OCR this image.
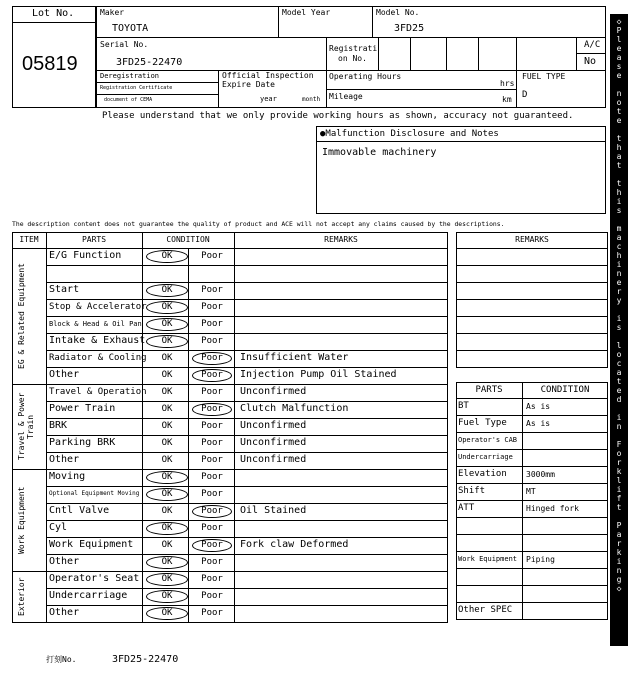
Lot No.
05819
Maker
TOYOTA
Model Year	Model No.
3FD25
Serial No.
3FD25-22470
Registrati
on No.
A/C
No
Deregistration
Registration Certificate
document of CEMA
Official Inspection
Expire Date
year	month
Operating Hours
hrs
Mileage	km
FUEL TYPE
D
Please understand that we only provide working hours as shown, accuracy not guaranteed.
●Malfunction Disclosure and Notes
Immovable machinery
The description content does not guarantee the quality of product and ACE will not accept any claims caused by the descriptions.
ITEM	PARTS	CONDITION	REMARKS
EG & Related Equipment
Travel & Power Train
Work Equipment
Exterior
E/G Function	OK	Poor
Start	OK	Poor
Stop & Accelerator	OK	Poor
Block & Head & Oil Pan	OK	Poor
Intake & Exhaust	OK	Poor
Radiator & Cooling	OK	Poor	Insufficient Water
Other	OK	Poor	Injection Pump Oil Stained
Travel & Operation	OK	Poor	Unconfirmed
Power Train	OK	Poor	Clutch Malfunction
BRK	OK	Poor	Unconfirmed
Parking BRK	OK	Poor	Unconfirmed
Other	OK	Poor	Unconfirmed
Moving	OK	Poor
Optional Equipment Moving	OK	Poor
Cntl Valve	OK	Poor	Oil Stained
Cyl	OK	Poor
Work Equipment	OK	Poor	Fork claw Deformed
Other	OK	Poor
Operator's Seat	OK	Poor
Undercarriage	OK	Poor
Other	OK	Poor
REMARKS
PARTS	CONDITION
BT	As is
Fuel Type As is
Operator's CAB
Undercarriage
Elevation 3000mm
Shift	MT
ATT	Hinged fork
Work Equipment Piping
Other SPEC
打刻No.	3FD25-22470
◇
P
l
e
a
s
e

n
o
t
e

t
h
a
t

t
h
i
s

m
a
c
h
i
n
e
r
y

i
s

l
o
c
a
t
e
d

i
n

F
o
r
k
l
i
f
t

P
a
r
k
i
n
g
◇
